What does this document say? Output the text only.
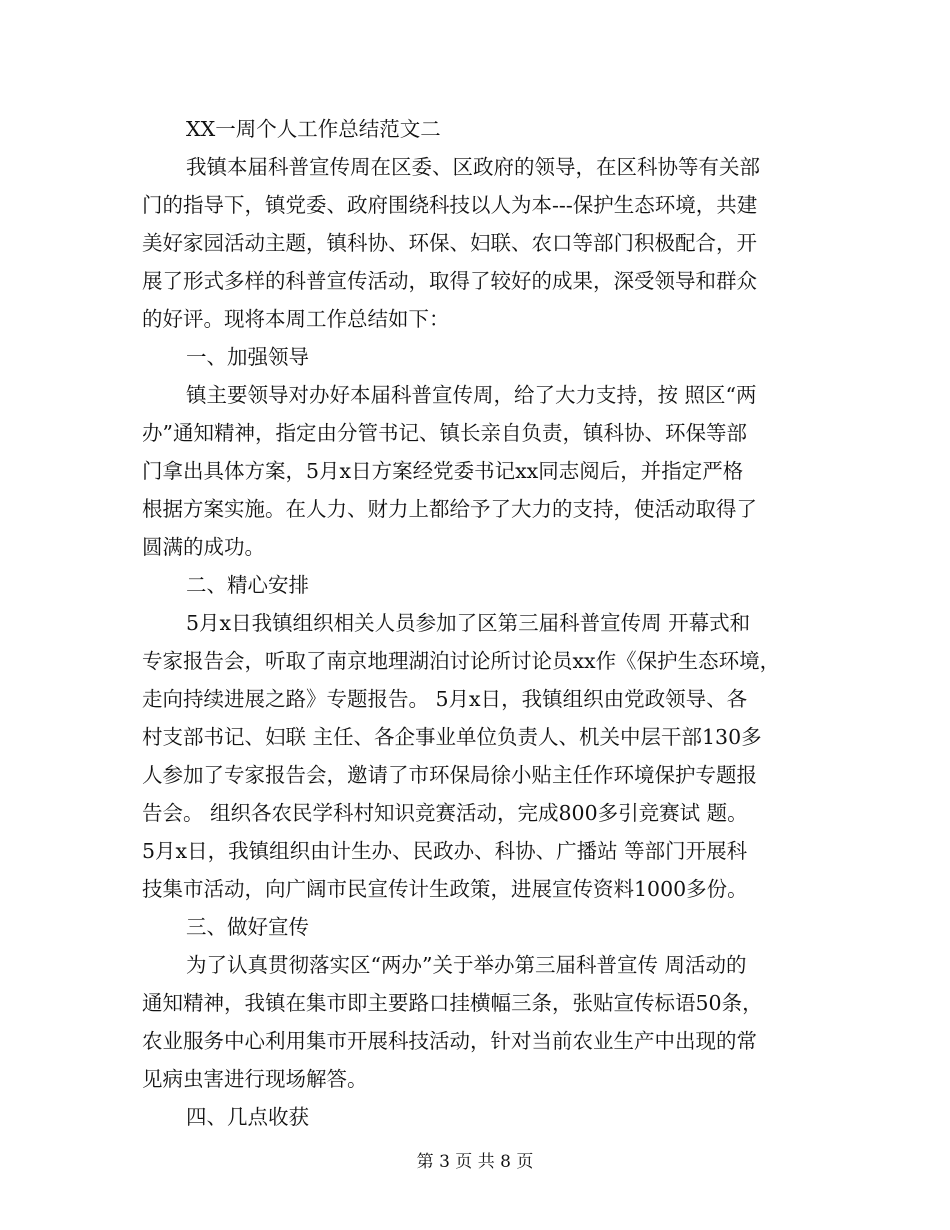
XX一周个人工作总结范文二
我镇本届科普宣传周在区委、区政府的领导，在区科协等有关部
门的指导下，镇党委、政府围绕科技以人为本---保护生态环境，共建
美好家园活动主题，镇科协、环保、妇联、农口等部门积极配合，开
展了形式多样的科普宣传活动，取得了较好的成果，深受领导和群众
的好评。现将本周工作总结如下：
一、加强领导
镇主要领导对办好本届科普宣传周，给了大力支持，按 照区“两
办”通知精神，指定由分管书记、镇长亲自负责，镇科协、环保等部
门拿出具体方案，5月x日方案经党委书记xx同志阅后，并指定严格
根据方案实施。在人力、财力上都给予了大力的支持，使活动取得了
圆满的成功。
二、精心安排
5月x日我镇组织相关人员参加了区第三届科普宣传周 开幕式和
专家报告会，听取了南京地理湖泊讨论所讨论员xx作《保护生态环境，
走向持续进展之路》专题报告。 5月x日，我镇组织由党政领导、各
村支部书记、妇联 主任、各企事业单位负责人、机关中层干部130多
人参加了专家报告会，邀请了市环保局徐小贴主任作环境保护专题报
告会。 组织各农民学科村知识竞赛活动，完成800多引竞赛试 题。
5月x日，我镇组织由计生办、民政办、科协、广播站 等部门开展科
技集市活动，向广阔市民宣传计生政策，进展宣传资料1000多份。
三、做好宣传
为了认真贯彻落实区“两办”关于举办第三届科普宣传 周活动的
通知精神，我镇在集市即主要路口挂横幅三条，张贴宣传标语50条，
农业服务中心利用集市开展科技活动，针对当前农业生产中出现的常
见病虫害进行现场解答。
四、几点收获
第 3 页 共 8 页
